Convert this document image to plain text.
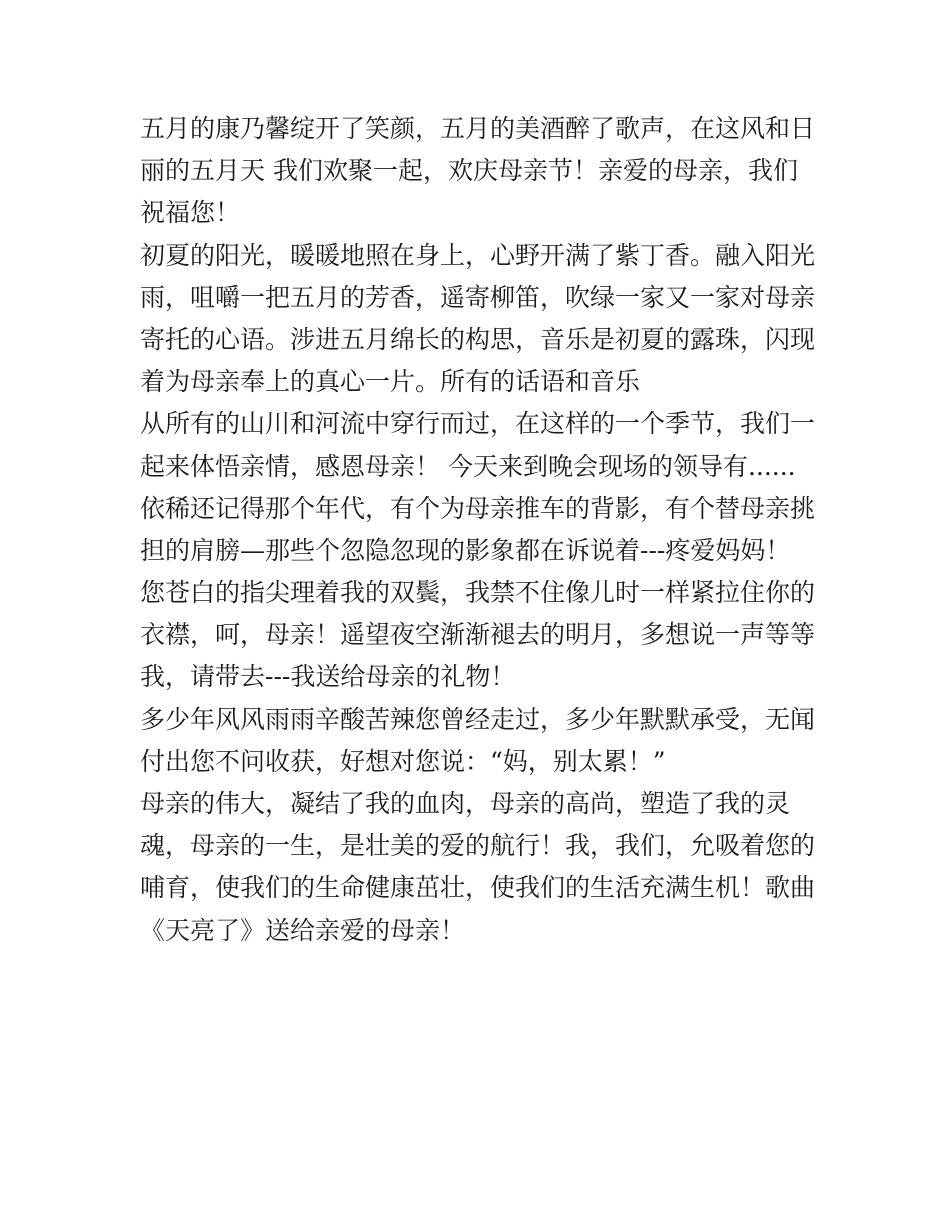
五月的康乃馨绽开了笑颜，五月的美酒醉了歌声，在这风和日
丽的五月天 我们欢聚一起，欢庆母亲节！亲爱的母亲，我们
祝福您！
初夏的阳光，暖暖地照在身上，心野开满了紫丁香。融入阳光
雨，咀嚼一把五月的芳香，遥寄柳笛，吹绿一家又一家对母亲
寄托的心语。涉进五月绵长的构思，音乐是初夏的露珠，闪现
着为母亲奉上的真心一片。所有的话语和音乐
从所有的山川和河流中穿行而过，在这样的一个季节，我们一
起来体悟亲情，感恩母亲！ 今天来到晚会现场的领导有......
依稀还记得那个年代，有个为母亲推车的背影，有个替母亲挑
担的肩膀—那些个忽隐忽现的影象都在诉说着---疼爱妈妈！
您苍白的指尖理着我的双鬓，我禁不住像儿时一样紧拉住你的
衣襟，呵，母亲！遥望夜空渐渐褪去的明月，多想说一声等等
我，请带去---我送给母亲的礼物！
多少年风风雨雨辛酸苦辣您曾经走过，多少年默默承受，无闻
付出您不问收获，好想对您说：“妈，别太累！”
母亲的伟大，凝结了我的血肉，母亲的高尚，塑造了我的灵
魂，母亲的一生，是壮美的爱的航行！我，我们，允吸着您的
哺育，使我们的生命健康茁壮，使我们的生活充满生机！歌曲
《天亮了》送给亲爱的母亲！
